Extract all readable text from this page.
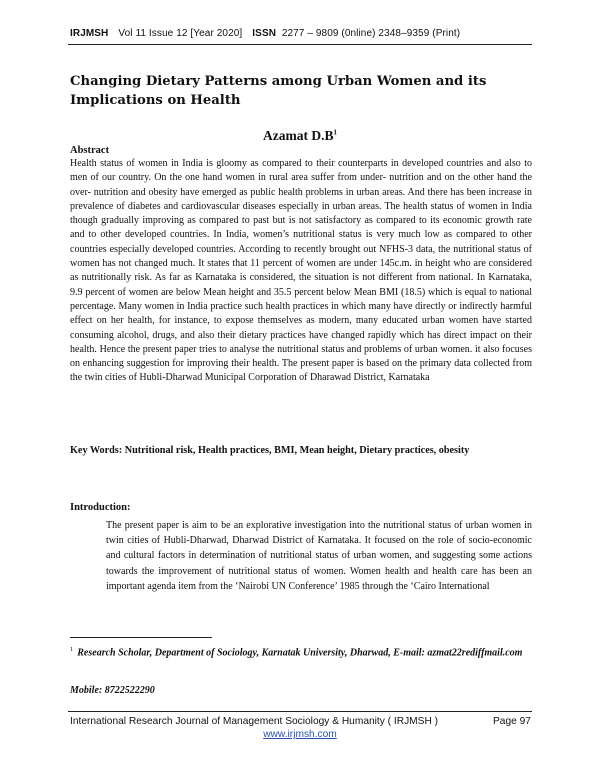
IRJMSH Vol 11 Issue 12 [Year 2020] ISSN 2277 – 9809 (0nline) 2348–9359 (Print)
Changing Dietary Patterns among Urban Women and its Implications on Health
Azamat $D.B^1$
Abstract

Health status of women in India is gloomy as compared to their counterparts in developed countries and also to men of our country. On the one hand women in rural area suffer from under- nutrition and on the other hand the over- nutrition and obesity have emerged as public health problems in urban areas. And there has been increase in prevalence of diabetes and cardiovascular diseases especially in urban areas. The health status of women in India though gradually improving as compared to past but is not satisfactory as compared to its economic growth rate and to other developed countries. In India, women’s nutritional status is very much low as compared to other countries especially developed countries. According to recently brought out NFHS-3 data, the nutritional status of women has not changed much. It states that 11 percent of women are under 145c.m. in height who are considered as nutritionally risk. As far as Karnataka is considered, the situation is not different from national. In Karnataka, 9.9 percent of women are below Mean height and 35.5 percent below Mean BMI (18.5) which is equal to national percentage. Many women in India practice such health practices in which many have directly or indirectly harmful effect on her health, for instance, to expose themselves as modern, many educated urban women have started consuming alcohol, drugs, and also their dietary practices have changed rapidly which has direct impact on their health. Hence the present paper tries to analyse the nutritional status and problems of urban women. it also focuses on enhancing suggestion for improving their health. The present paper is based on the primary data collected from the twin cities of Hubli-Dharwad Municipal Corporation of Dharawad District, Karnataka

Key Words: Nutritional risk, Health practices, BMI, Mean height, Dietary practices, obesity

Introduction:

The present paper is aim to be an explorative investigation into the nutritional status of urban women in twin cities of Hubli-Dharwad, Dharwad District of Karnataka. It focused on the role of socio-economic and cultural factors in determination of nutritional status of urban women, and suggesting some actions towards the improvement of nutritional status of women. Women health and health care has been an important agenda item from the ‘Nairobi UN Conference’ 1985 through the ‘Cairo International

$^1$ Research Scholar, Department of Sociology, Karnatak University, Dharwad, E-mail: azmat22rediffmail.com

Mobile: 8722522290
International Research Journal of Management Sociology & Humanity ( IRJMSH )	Page 97
www.irjmsh.com
